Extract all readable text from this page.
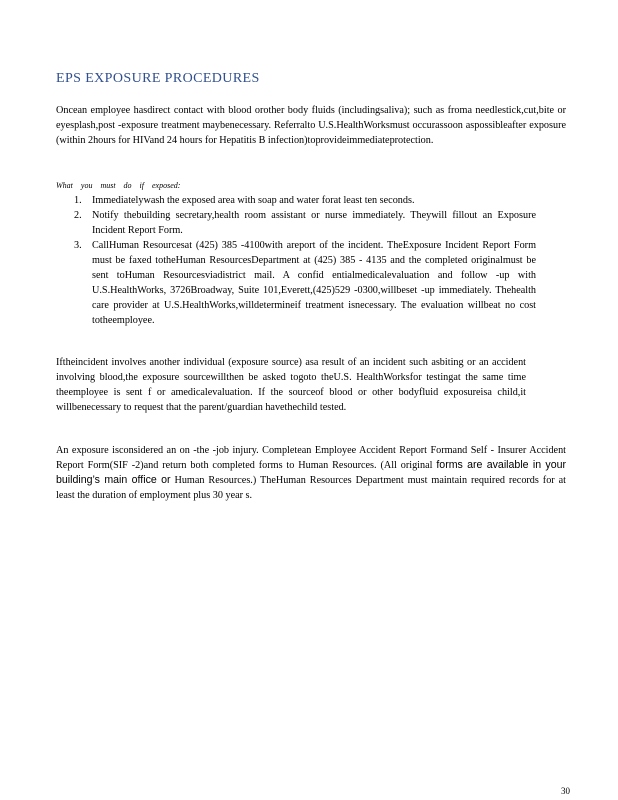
EPS EXPOSURE PROCEDURES

Oncean employee hasdirect contact with blood orother body fluids (includingsaliva); such as froma needlestick,cut,bite or eyesplash,post -exposure treatment maybenecessary. Referralto U.S.HealthWorksmust occurassoon aspossibleafter exposure (within 2hours for HIVand 24 hours for Hepatitis B infection)toprovideimmediateprotection.

What you must do if exposed:

1. Immediatelywash the exposed area with soap and water forat least ten seconds.
2. Notify thebuilding secretary,health room assistant or nurse immediately. Theywill fillout an Exposure Incident Report Form.
3. CallHuman Resourcesat (425) 385 -4100with areport of the incident. TheExposure Incident Report Form must be faxed totheHuman ResourcesDepartment at (425) 385 - 4135 and the completed originalmust be sent toHuman Resourcesviadistrict mail. A confid entialmedicalevaluation and follow -up with U.S.HealthWorks, 3726Broadway, Suite 101,Everett,(425)529 -0300,willbeset -up immediately. Thehealth care provider at U.S.HealthWorks,willdetermineif treatment isnecessary. The evaluation willbeat no cost totheemployee.

Iftheincident involves another individual (exposure source) asa result of an incident such asbiting or an accident involving blood,the exposure sourcewillthen be asked togoto theU.S. HealthWorksfor testingat the same time theemployee is sent f or amedicalevaluation. If the sourceof blood or other bodyfluid exposureisa child,it willbenecessary to request that the parent/guardian havethechild tested.

An exposure isconsidered an on -the -job injury. Completean Employee Accident Report Formand Self - Insurer Accident Report Form(SIF -2)and return both completed forms to Human Resources. (All original forms are available in your building’s main office or Human Resources.) TheHuman Resources Department must maintain required records for at least the duration of employment plus 30 year s.

30
